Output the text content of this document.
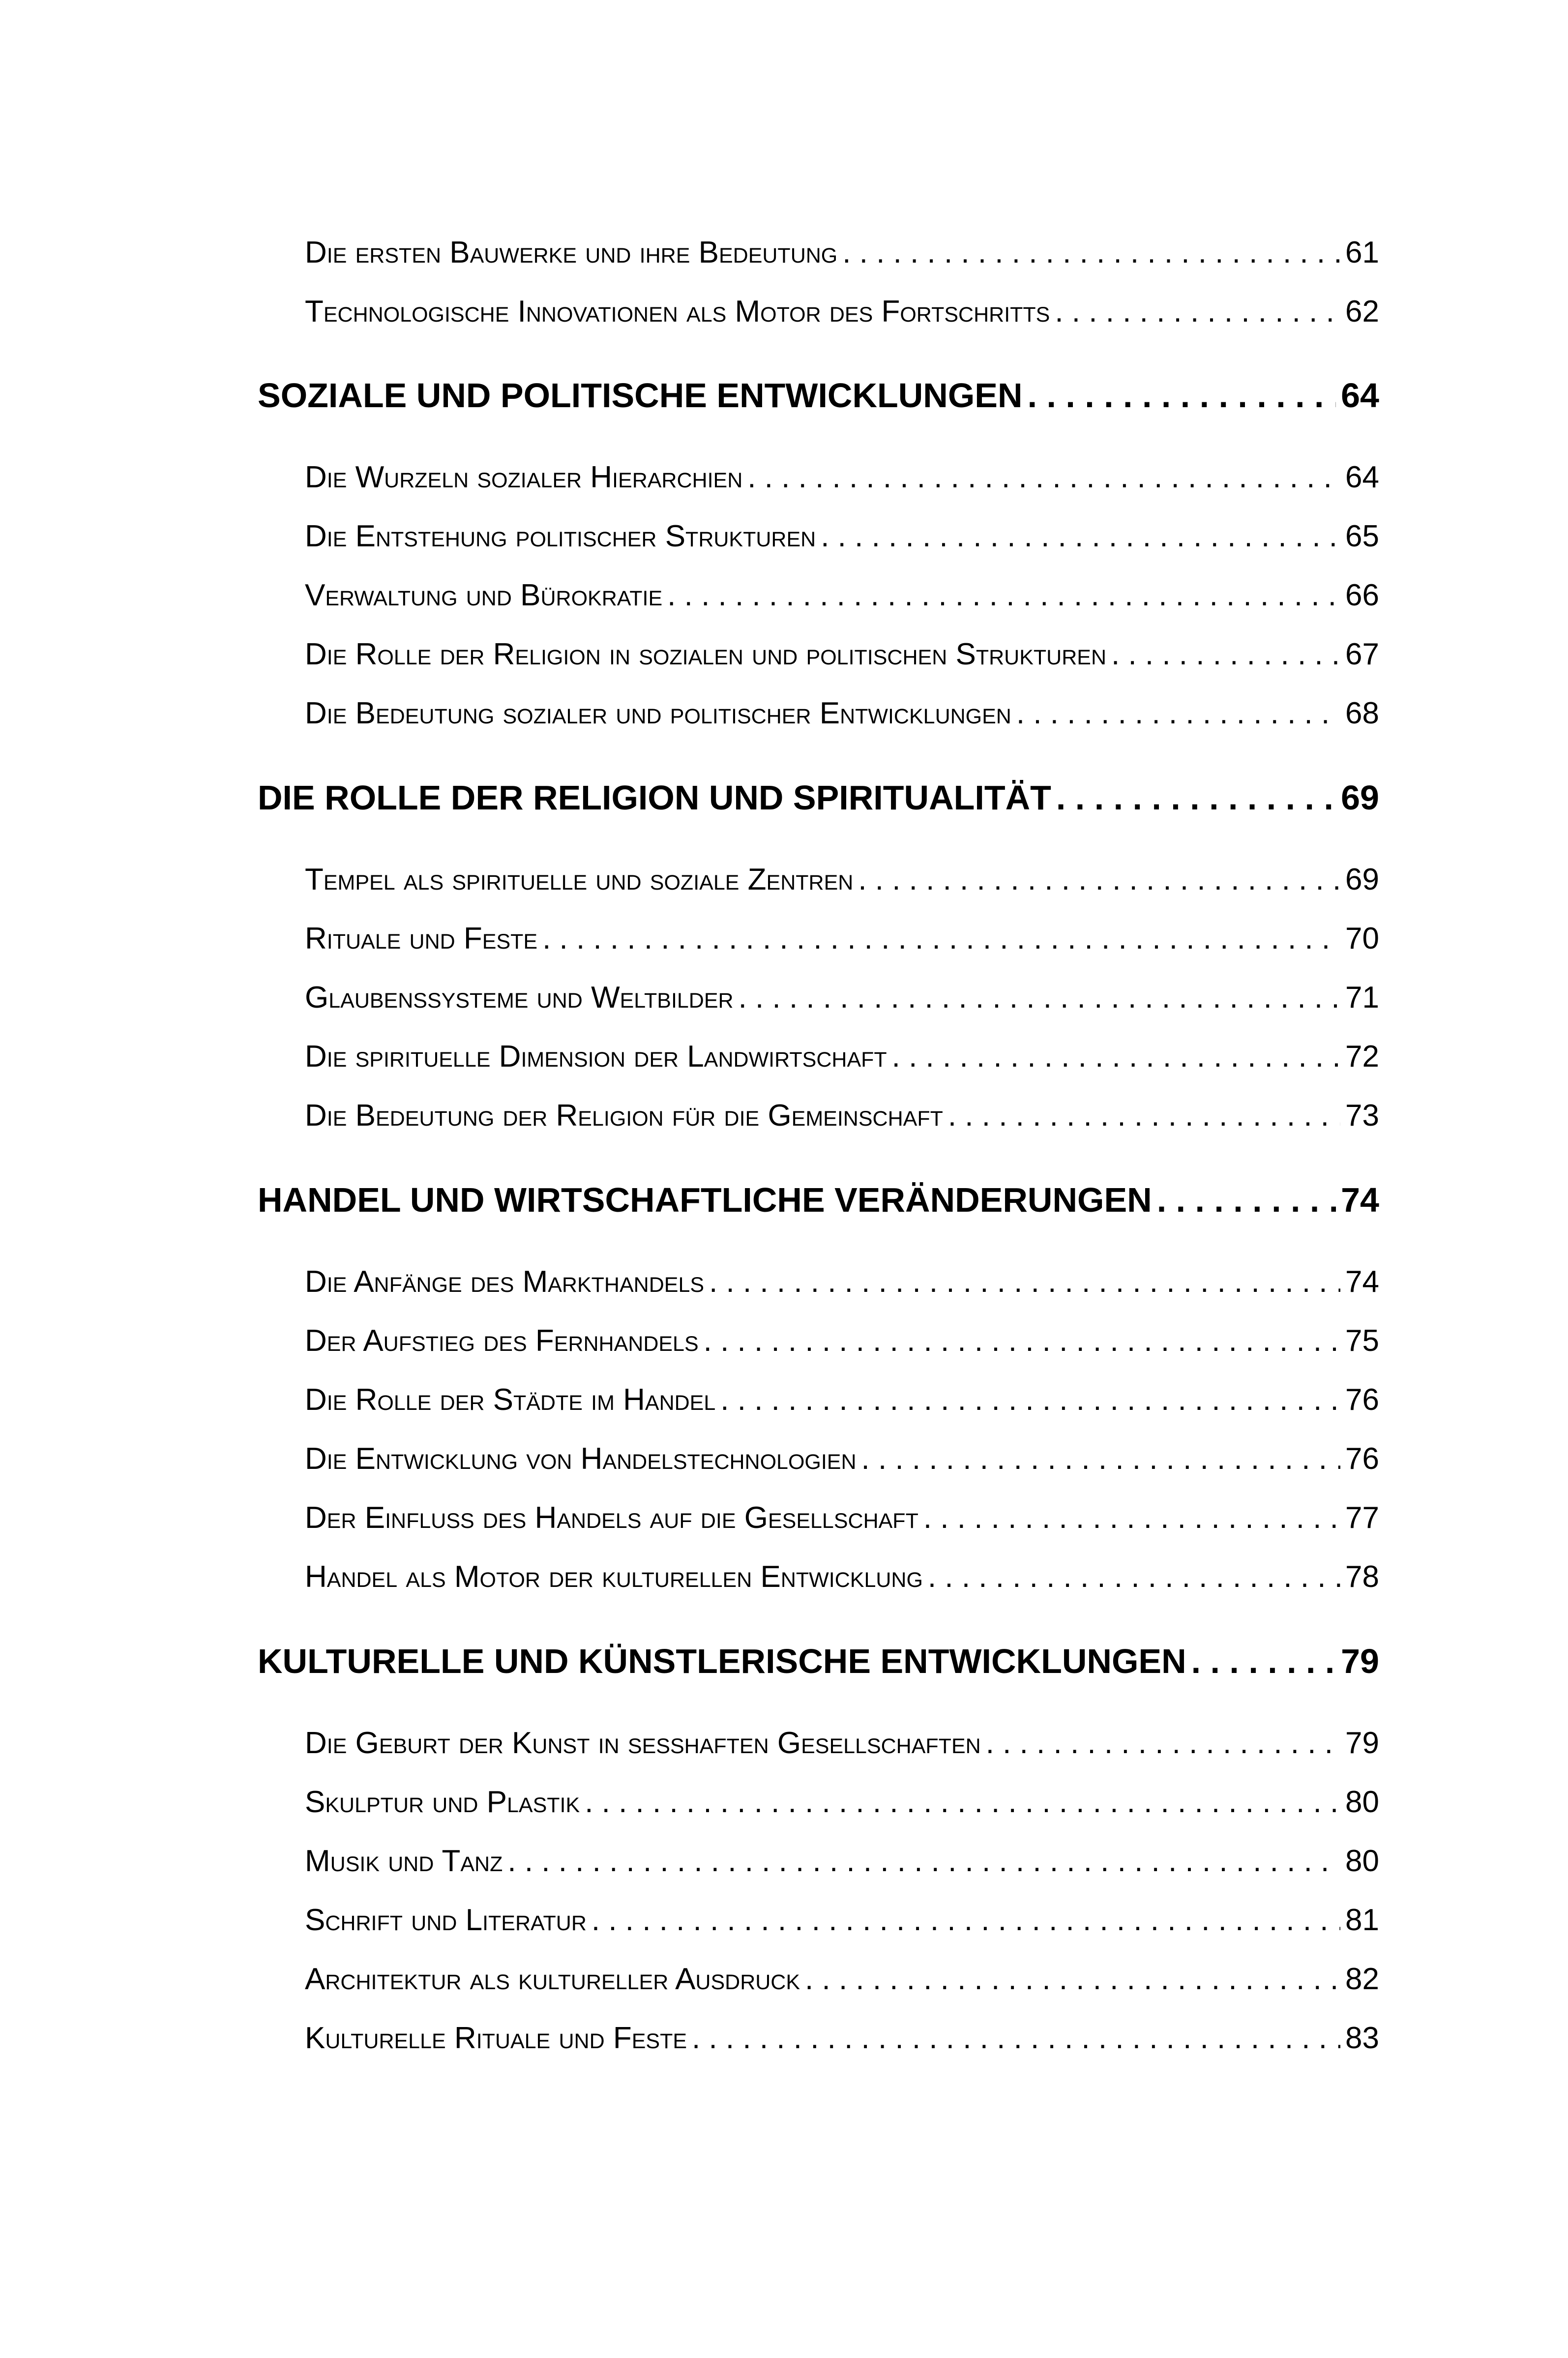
Die ersten Bauwerke und ihre Bedeutung . . .	61
Technologische Innovationen als Motor des Fortschritts . . .	62
SOZIALE UND POLITISCHE ENTWICKLUNGEN . . .	64
Die Wurzeln sozialer Hierarchien . . .	64
Die Entstehung politischer Strukturen . . .	65
Verwaltung und Bürokratie . . .	66
Die Rolle der Religion in sozialen und politischen Strukturen . . .	67
Die Bedeutung sozialer und politischer Entwicklungen . . .	68
DIE ROLLE DER RELIGION UND SPIRITUALITÄT . . .	69
Tempel als spirituelle und soziale Zentren . . .	69
Rituale und Feste . . .	70
Glaubenssysteme und Weltbilder . . .	71
Die spirituelle Dimension der Landwirtschaft . . .	72
Die Bedeutung der Religion für die Gemeinschaft . . .	73
HANDEL UND WIRTSCHAFTLICHE VERÄNDERUNGEN . . .	74
Die Anfänge des Markthandels . . .	74
Der Aufstieg des Fernhandels . . .	75
Die Rolle der Städte im Handel . . .	76
Die Entwicklung von Handelstechnologien . . .	76
Der Einfluss des Handels auf die Gesellschaft . . .	77
Handel als Motor der kulturellen Entwicklung . . .	78
KULTURELLE UND KÜNSTLERISCHE ENTWICKLUNGEN . . .	79
Die Geburt der Kunst in sesshaften Gesellschaften . . .	79
Skulptur und Plastik . . .	80
Musik und Tanz . . .	80
Schrift und Literatur . . .	81
Architektur als kultureller Ausdruck . . .	82
Kulturelle Rituale und Feste . . .	83
